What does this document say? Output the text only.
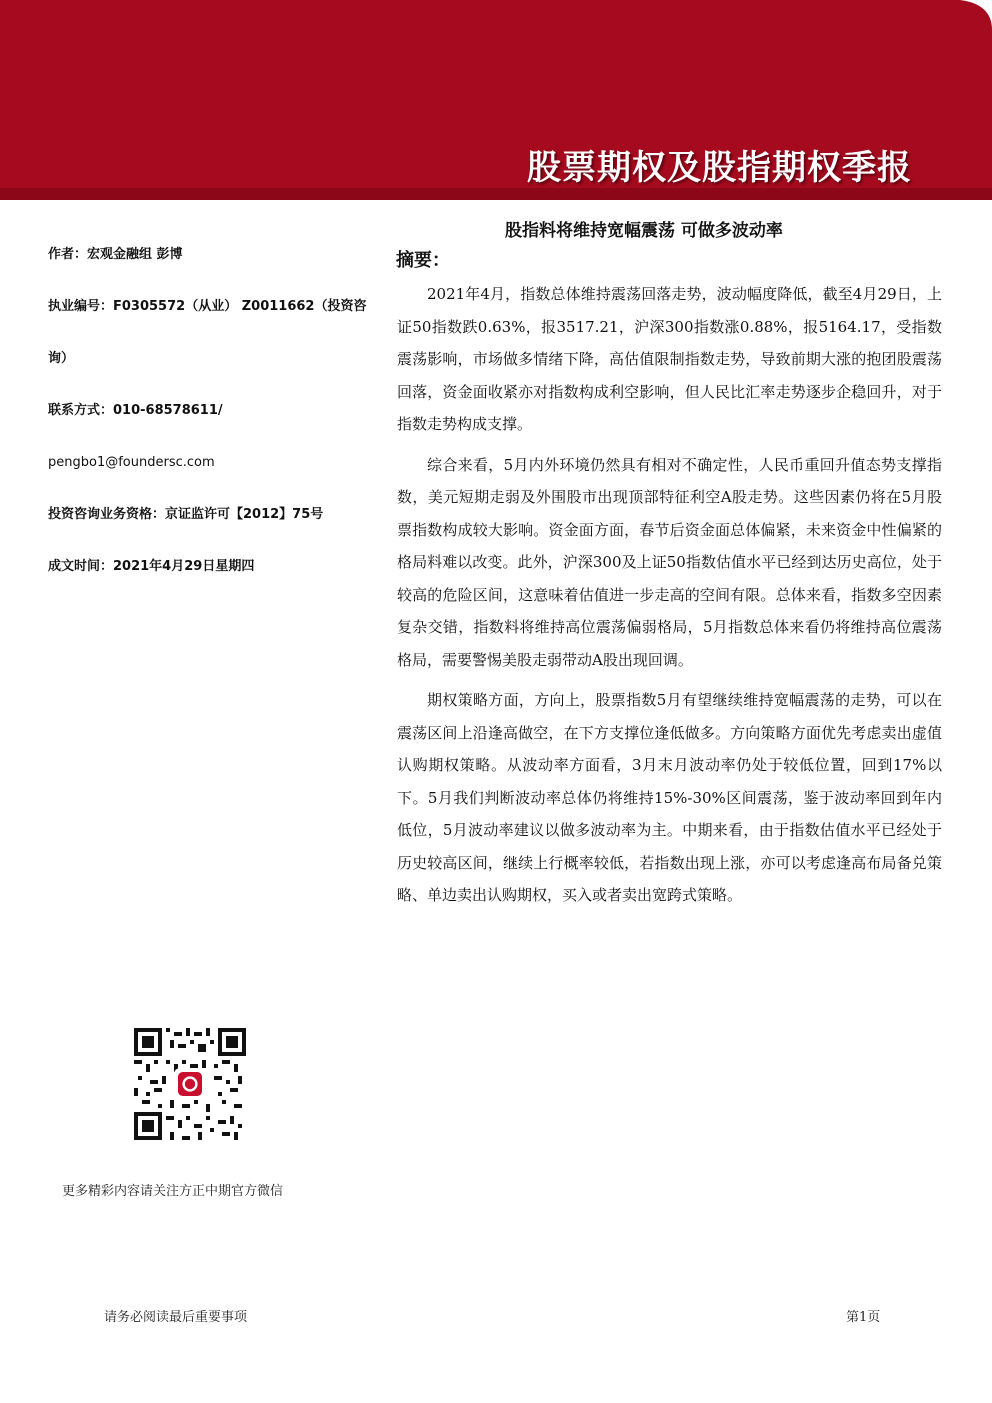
股票期权及股指期权季报
股指料将维持宽幅震荡 可做多波动率
作者：宏观金融组 彭博
执业编号：F0305572（从业） Z0011662（投资咨
询）
联系方式：010-68578611/
pengbo1@foundersc.com
投资咨询业务资格：京证监许可【2012】75号
成文时间：2021年4月29日星期四
更多精彩内容请关注方正中期官方微信
摘要：

2021年4月，指数总体维持震荡回落走势，波动幅度降低，截至4月29日，上证50指数跌0.63%，报3517.21，沪深300指数涨0.88%，报5164.17，受指数震荡影响，市场做多情绪下降，高估值限制指数走势，导致前期大涨的抱团股震荡回落，资金面收紧亦对指数构成利空影响，但人民比汇率走势逐步企稳回升，对于指数走势构成支撑。

综合来看，5月内外环境仍然具有相对不确定性，人民币重回升值态势支撑指数，美元短期走弱及外围股市出现顶部特征利空A股走势。这些因素仍将在5月股票指数构成较大影响。资金面方面，春节后资金面总体偏紧，未来资金中性偏紧的格局料难以改变。此外，沪深300及上证50指数估值水平已经到达历史高位，处于较高的危险区间，这意味着估值进一步走高的空间有限。总体来看，指数多空因素复杂交错，指数料将维持高位震荡偏弱格局，5月指数总体来看仍将维持高位震荡格局，需要警惕美股走弱带动A股出现回调。

期权策略方面，方向上，股票指数5月有望继续维持宽幅震荡的走势，可以在震荡区间上沿逢高做空，在下方支撑位逢低做多。方向策略方面优先考虑卖出虚值认购期权策略。从波动率方面看，3月末月波动率仍处于较低位置，回到17%以下。5月我们判断波动率总体仍将维持15%-30%区间震荡，鉴于波动率回到年内低位，5月波动率建议以做多波动率为主。中期来看，由于指数估值水平已经处于历史较高区间，继续上行概率较低，若指数出现上涨，亦可以考虑逢高布局备兑策略、单边卖出认购期权，买入或者卖出宽跨式策略。

请务必阅读最后重要事项	第1页
